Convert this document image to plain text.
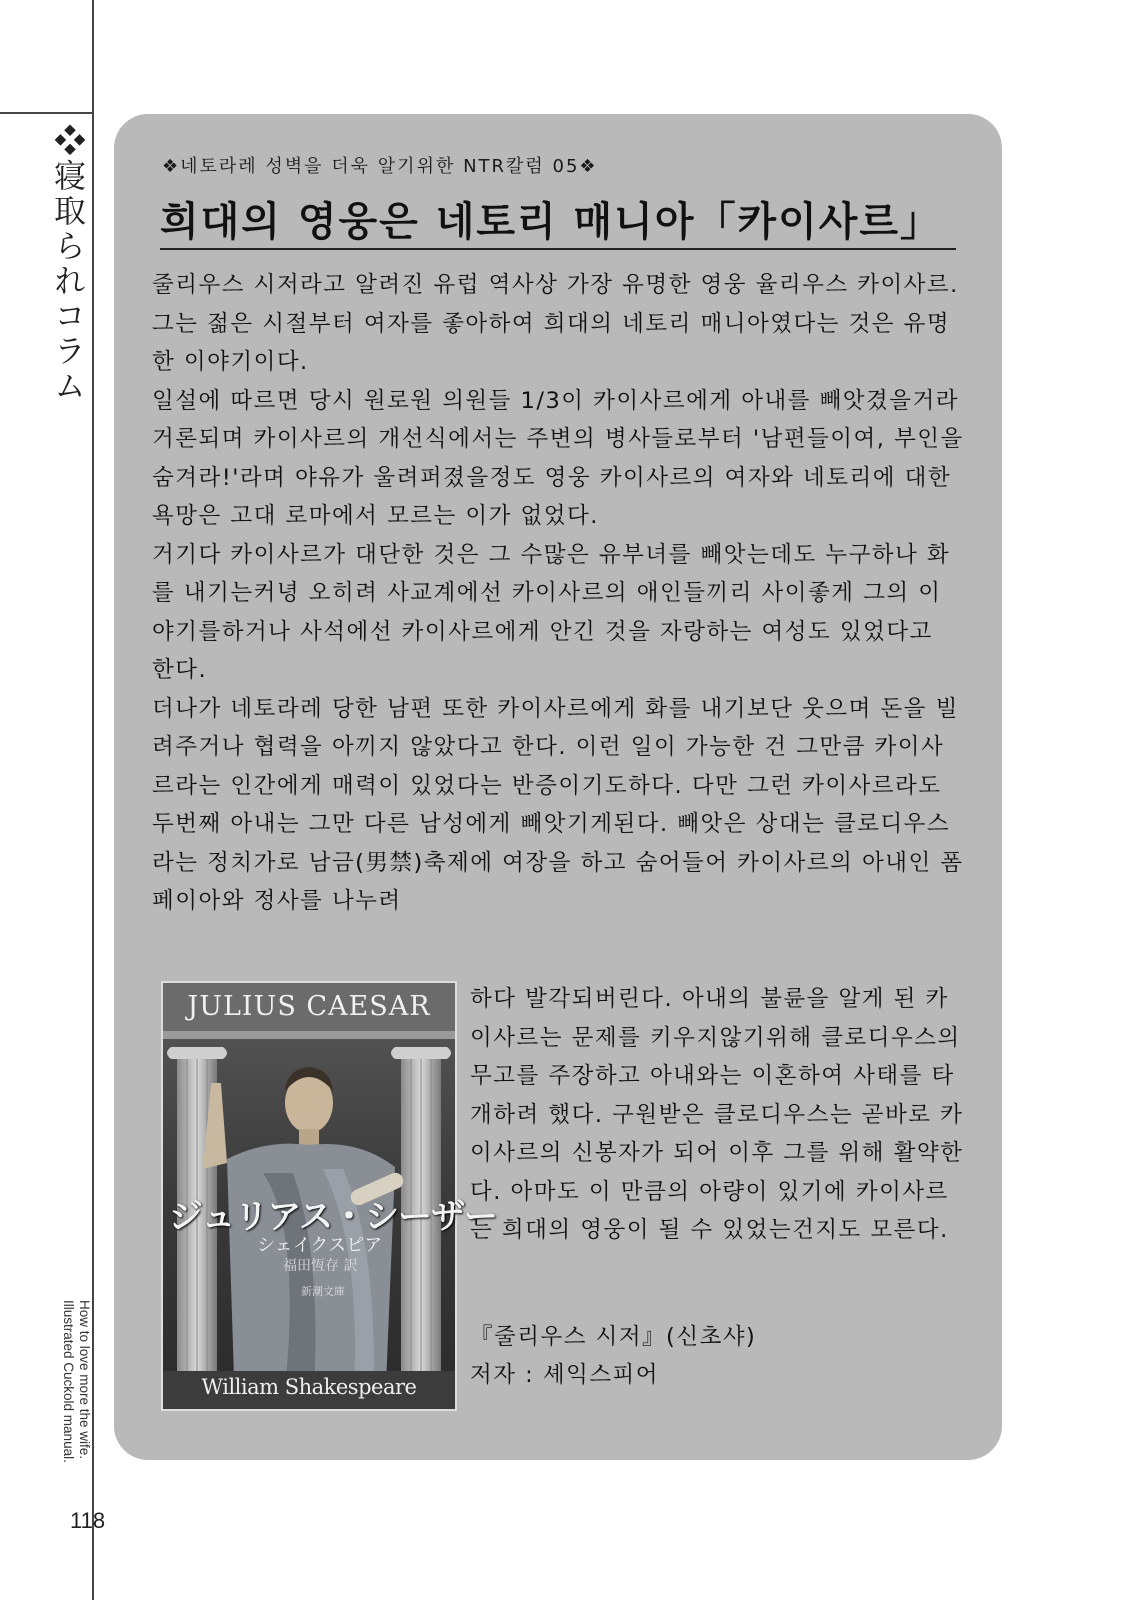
❖寝取られコラム
How to love more the wife.
Illustrated Cuckold manual.
118
❖네토라레 성벽을 더욱 알기위한 NTR칼럼 05❖
희대의 영웅은 네토리 매니아「카이사르」

줄리우스 시저라고 알려진 유럽 역사상 가장 유명한 영웅 율리우스 카이사르. 그는 젊은 시절부터 여자를 좋아하여 희대의 네토리 매니아였다는 것은 유명한 이야기이다.

일설에 따르면 당시 원로원 의원들 1/3이 카이사르에게 아내를 빼앗겼을거라 거론되며 카이사르의 개선식에서는 주변의 병사들로부터 '남편들이여, 부인을 숨겨라!'라며 야유가 울려퍼졌을정도 영웅 카이사르의 여자와 네토리에 대한 욕망은 고대 로마에서 모르는 이가 없었다.

거기다 카이사르가 대단한 것은 그 수많은 유부녀를 빼앗는데도 누구하나 화를 내기는커녕 오히려 사교계에선 카이사르의 애인들끼리 사이좋게 그의 이야기를하거나 사석에선 카이사르에게 안긴 것을 자랑하는 여성도 있었다고 한다.

더나가 네토라레 당한 남편 또한 카이사르에게 화를 내기보단 웃으며 돈을 빌려주거나 협력을 아끼지 않았다고 한다. 이런 일이 가능한 건 그만큼 카이사르라는 인간에게 매력이 있었다는 반증이기도하다. 다만 그런 카이사르라도 두번째 아내는 그만 다른 남성에게 빼앗기게된다. 빼앗은 상대는 클로디우스라는 정치가로 남금(男禁)축제에 여장을 하고 숨어들어 카이사르의 아내인 폼페이아와 정사를 나누려

JULIUS CAESAR
ジュリアス・シーザー
シェイクスピア
福田恆存 訳
新潮文庫
William Shakespeare

하다 발각되버린다. 아내의 불륜을 알게 된 카이사르는 문제를 키우지않기위해 클로디우스의 무고를 주장하고 아내와는 이혼하여 사태를 타개하려 했다. 구원받은 클로디우스는 곧바로 카이사르의 신봉자가 되어 이후 그를 위해 활약한다. 아마도 이 만큼의 아량이 있기에 카이사르는 희대의 영웅이 될 수 있었는건지도 모른다.

『줄리우스 시저』(신초샤)
저자 : 셰익스피어
